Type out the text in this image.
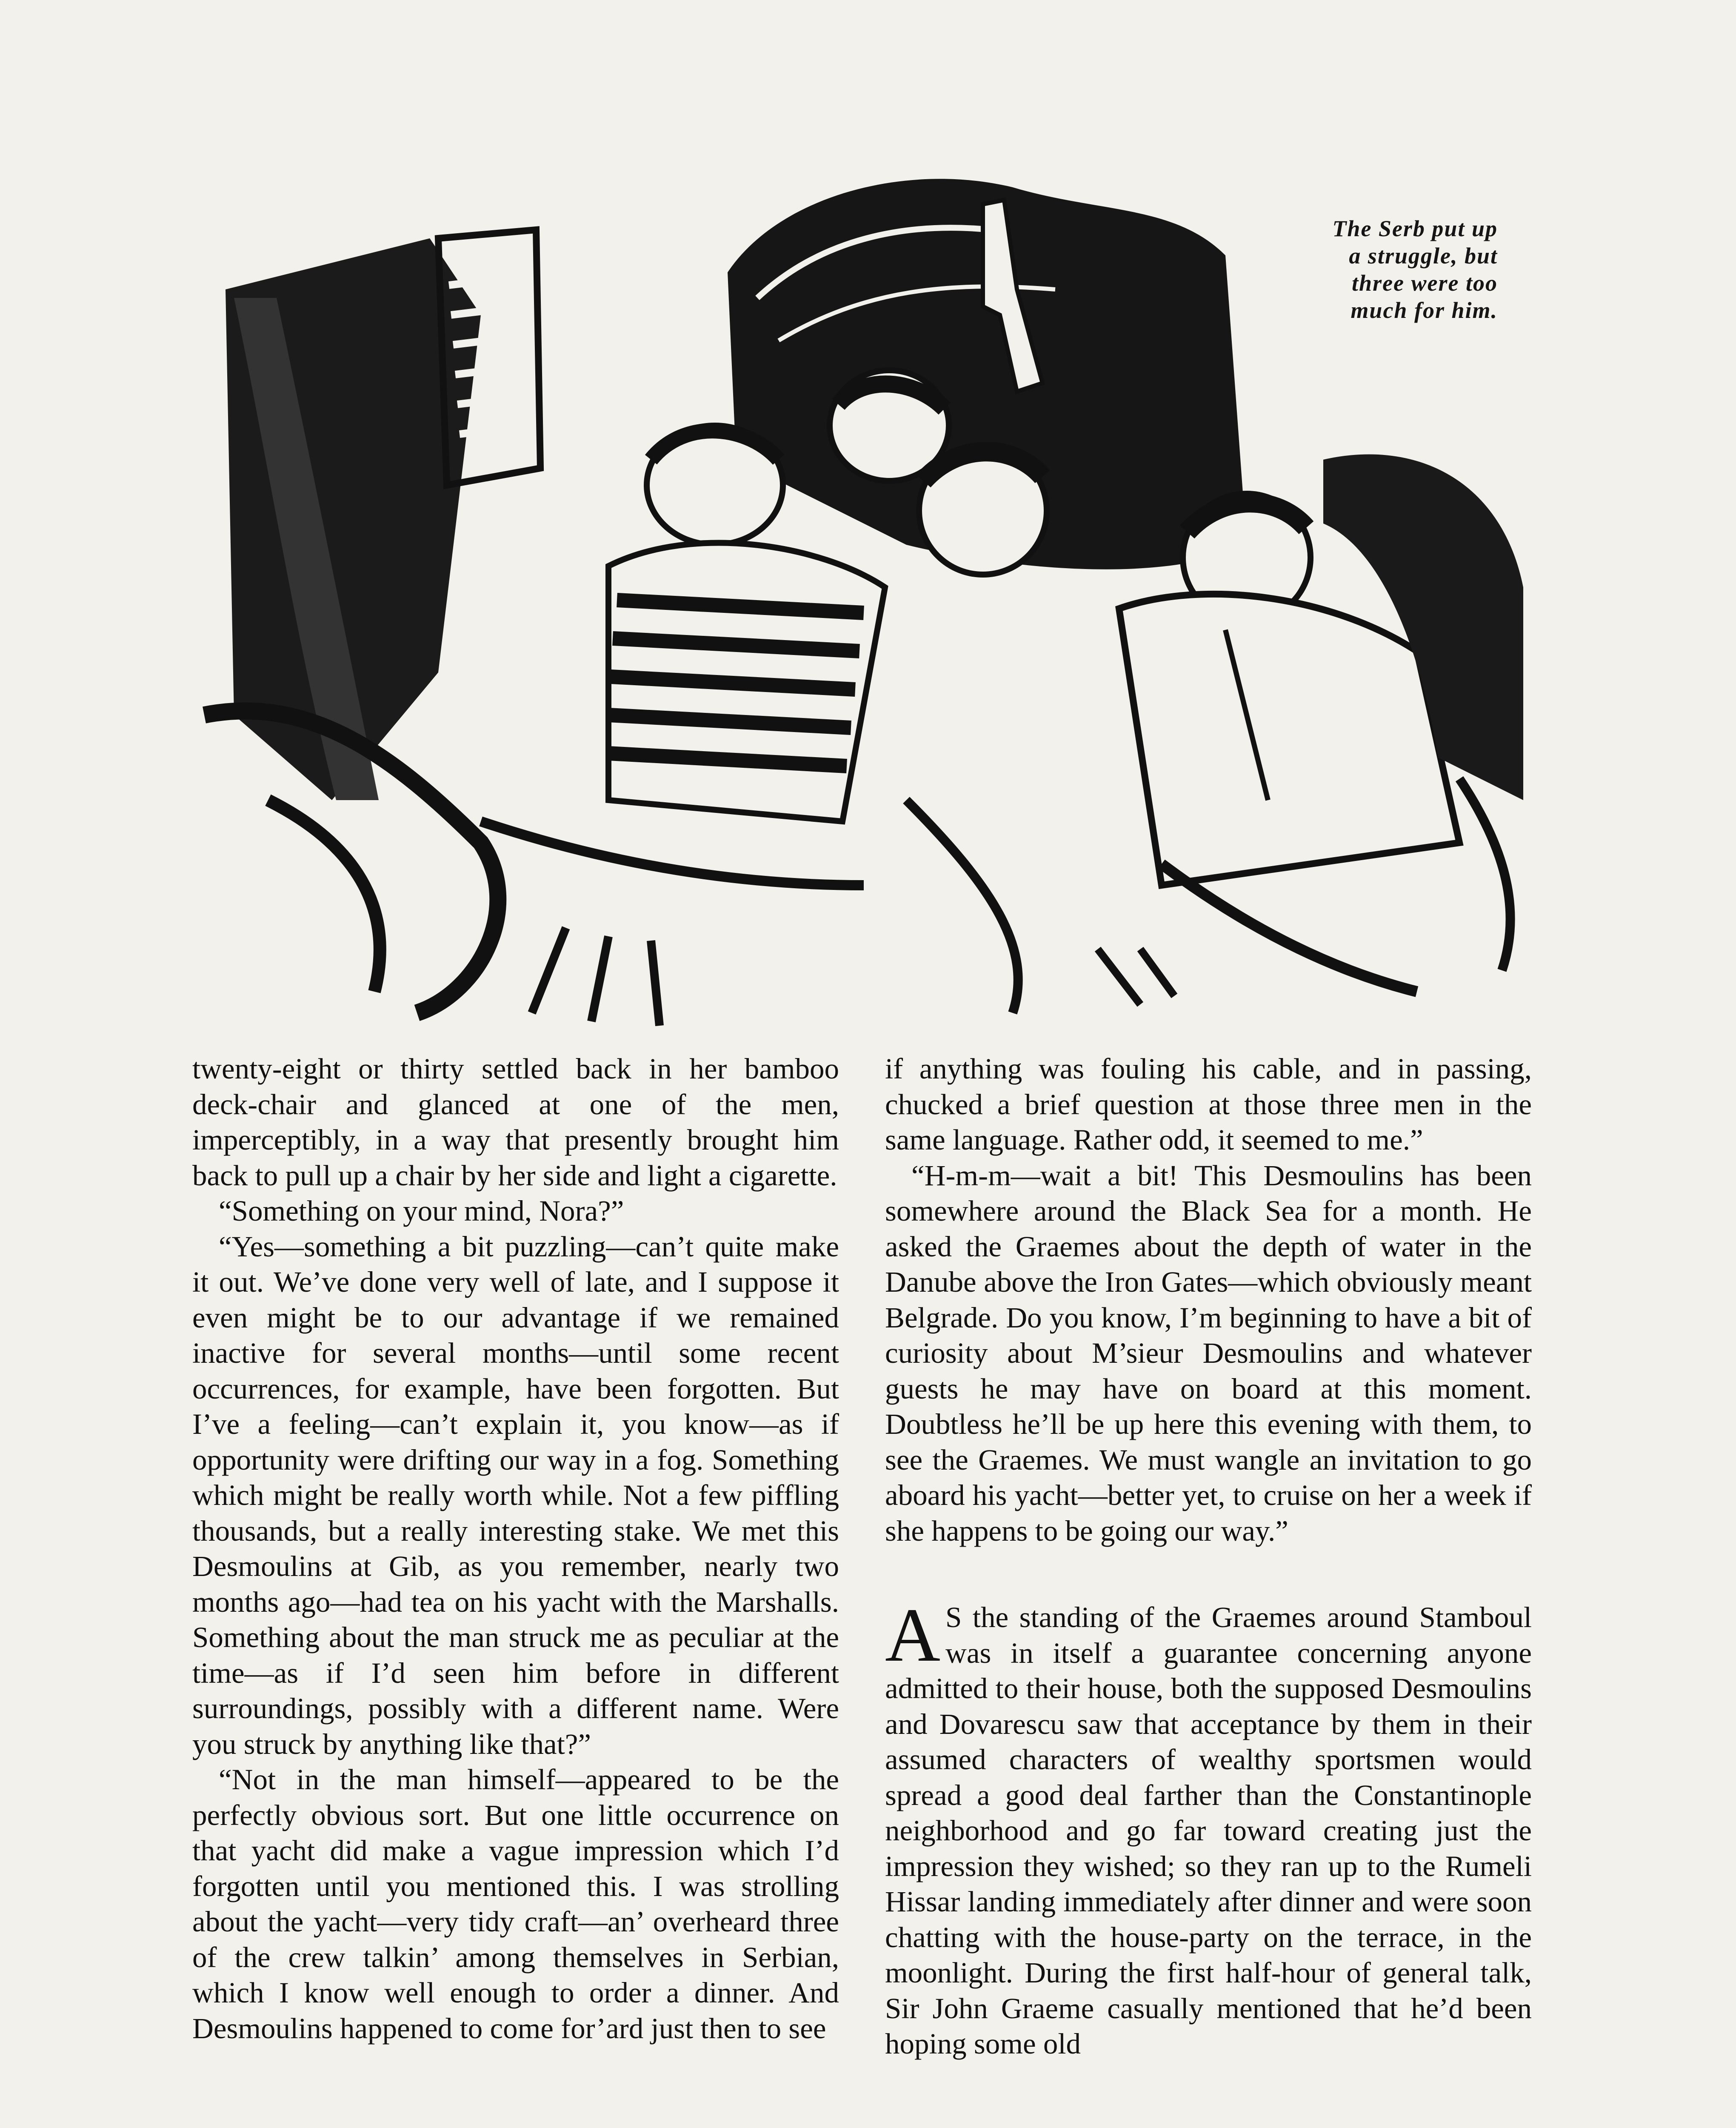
The Serb put up
a struggle, but
three were too
much for him.

twenty-eight or thirty settled back in her bamboo deck-chair and glanced at one of the men, imperceptibly, in a way that presently brought him back to pull up a chair by her side and light a cigarette.

“Something on your mind, Nora?”

“Yes—something a bit puzzling—can’t quite make it out. We’ve done very well of late, and I suppose it even might be to our advantage if we remained inactive for several months—until some recent occurrences, for example, have been forgotten. But I’ve a feeling—can’t explain it, you know—as if opportunity were drifting our way in a fog. Something which might be really worth while. Not a few piffling thousands, but a really interesting stake. We met this Desmoulins at Gib, as you remember, nearly two months ago—had tea on his yacht with the Marshalls. Something about the man struck me as peculiar at the time—as if I’d seen him before in different surroundings, possibly with a different name. Were you struck by anything like that?”

“Not in the man himself—appeared to be the perfectly obvious sort. But one little occurrence on that yacht did make a vague impression which I’d forgotten until you mentioned this. I was strolling about the yacht—very tidy craft—an’ overheard three of the crew talkin’ among themselves in Serbian, which I know well enough to order a dinner. And Desmoulins happened to come for’ard just then to see

if anything was fouling his cable, and in passing, chucked a brief question at those three men in the same language. Rather odd, it seemed to me.”

“H-m-m—wait a bit! This Desmoulins has been somewhere around the Black Sea for a month. He asked the Graemes about the depth of water in the Danube above the Iron Gates—which obviously meant Belgrade. Do you know, I’m beginning to have a bit of curiosity about M’sieur Desmoulins and whatever guests he may have on board at this moment. Doubtless he’ll be up here this evening with them, to see the Graemes. We must wangle an invitation to go aboard his yacht—better yet, to cruise on her a week if she happens to be going our way.”

A S the standing of the Graemes around Stamboul was in itself a guarantee concerning anyone admitted to their house, both the supposed Desmoulins and Dovarescu saw that acceptance by them in their assumed characters of wealthy sportsmen would spread a good deal farther than the Constantinople neighborhood and go far toward creating just the impression they wished; so they ran up to the Rumeli Hissar landing immediately after dinner and were soon chatting with the house-party on the terrace, in the moonlight. During the first half-hour of general talk, Sir John Graeme casually mentioned that he’d been hoping some old
